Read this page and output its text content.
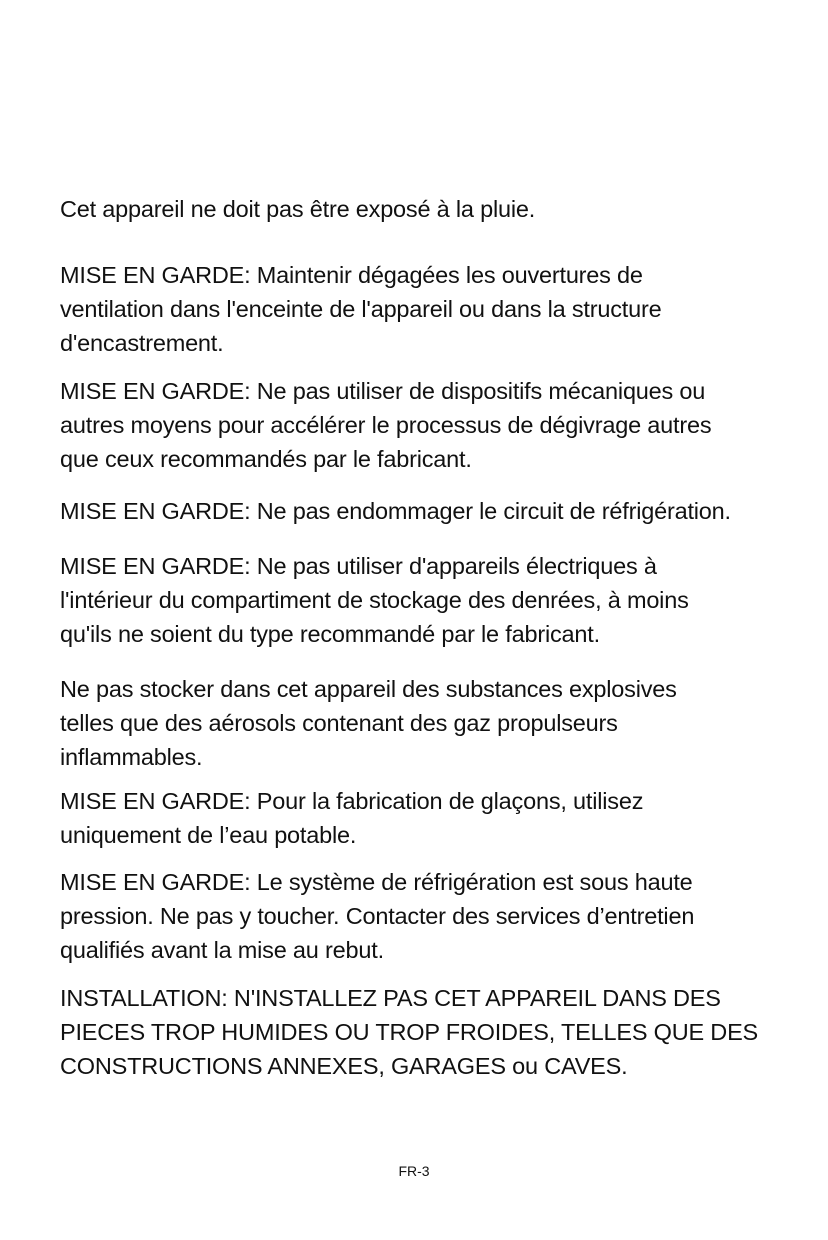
Cet appareil ne doit pas être exposé à la pluie.

MISE EN GARDE: Maintenir dégagées les ouvertures de
ventilation dans l'enceinte de l'appareil ou dans la structure
d'encastrement.

MISE EN GARDE: Ne pas utiliser de dispositifs mécaniques ou
autres moyens pour accélérer le processus de dégivrage autres
que ceux recommandés par le fabricant.

MISE EN GARDE: Ne pas endommager le circuit de réfrigération.

MISE EN GARDE: Ne pas utiliser d'appareils électriques à
l'intérieur du compartiment de stockage des denrées, à moins
qu'ils ne soient du type recommandé par le fabricant.

Ne pas stocker dans cet appareil des substances explosives
telles que des aérosols contenant des gaz propulseurs
inflammables.

MISE EN GARDE: Pour la fabrication de glaçons, utilisez
uniquement de l’eau potable.

MISE EN GARDE: Le système de réfrigération est sous haute
pression. Ne pas y toucher. Contacter des services d’entretien
qualifiés avant la mise au rebut.

INSTALLATION: N'INSTALLEZ PAS CET APPAREIL DANS DES
PIECES TROP HUMIDES OU TROP FROIDES, TELLES QUE DES
CONSTRUCTIONS ANNEXES, GARAGES ou CAVES.

FR-3
